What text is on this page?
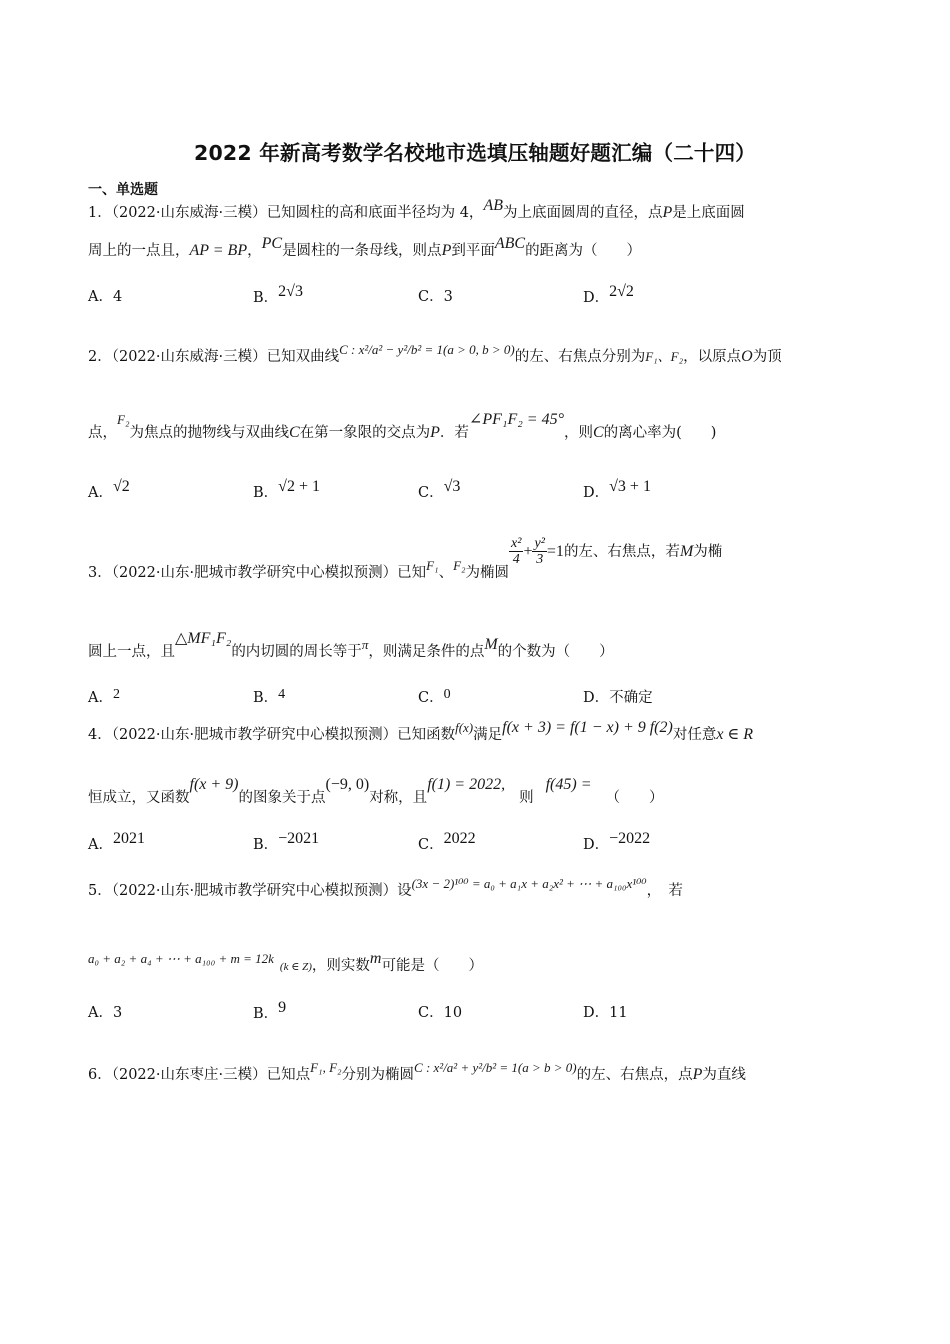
2022 年新高考数学名校地市选填压轴题好题汇编（二十四）
一、单选题
1．（2022·山东威海·三模）已知圆柱的高和底面半径均为 4，AB为上底面圆周的直径，点P是上底面圆
周上的一点且，AP = BP，PC是圆柱的一条母线，则点P到平面ABC的距离为（　　）
A．4	B．2√3	C．3	D．2√2
2．（2022·山东威海·三模）已知双曲线C : x²/a² − y²/b² = 1(a > 0, b > 0)的左、右焦点分别为F₁、F₂，以原点O为顶
点，F₂为焦点的抛物线与双曲线C在第一象限的交点为P．若∠PF₁F₂ = 45°，则C的离心率为(　　)
A．√2	B．√2 + 1	C．√3	D．√3 + 1
3．（2022·山东·肥城市教学研究中心模拟预测）已知F₁、F₂为椭圆
$\frac{\text{x²}}{4} + \frac{\text{y²}}{3} =1$的左、右焦点，若M为椭
圆上一点，且△MF₁F₂的内切圆的周长等于π，则满足条件的点M的个数为（　　）
A．2	B．4	C．0	D．不确定
4．（2022·山东·肥城市教学研究中心模拟预测）已知函数f(x)满足f(x + 3) = f(1 − x) + 9 f(2)对任意x ∈ R
恒成立，又函数f(x + 9)的图象关于点(−9, 0)对称，且f(1) = 2022,则f(45) =（　　）
A．2021	B．−2021	C．2022	D．−2022
5．（2022·山东·肥城市教学研究中心模拟预测）设(3x − 2)¹⁰⁰ = a₀ + a₁x + a₂x² + ⋯ + a₁₀₀x¹⁰⁰，　若
a₀ + a₂ + a₄ + ⋯ + a₁₀₀ + m = 12k(k ∈ Z)，则实数m可能是（　　）
A．3	B．9	C．10	D．11
6．（2022·山东枣庄·三模）已知点F₁, F₂分别为椭圆C : x²/a² + y²/b² = 1(a > b > 0)的左、右焦点，点P为直线
